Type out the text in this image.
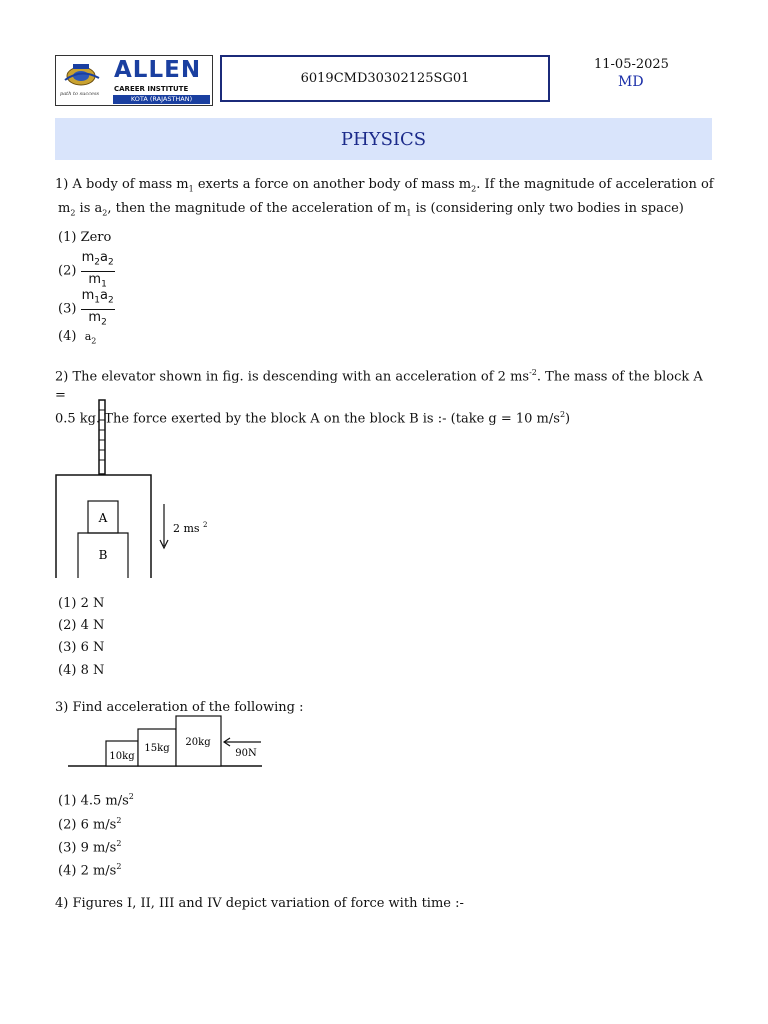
path to success
ALLEN
CAREER INSTITUTE
KOTA (RAJASTHAN)
6019CMD30302125SG01
11-05-2025
MD
PHYSICS
1) A body of mass $m_1$ exerts a force on another body of mass $m_2$. If the magnitude of acceleration of
$m_2$ is $a_2$, then the magnitude of the acceleration of $m_1$ is (considering only two bodies in space)
(1) Zero
$(2) \frac{m_2a_2}{m_1}$
$(3) \frac{m_1a_2}{m_2}$
(4) $a_2$
2) The elevator shown in fig. is descending with an acceleration of 2 $ms^{-2}$. The mass of the block A =
0.5 kg. The force exerted by the block A on the block B is :- (take g = 10 $m/s^2$)
A
B
2 ms 2
(1) 2 N
(2) 4 N
(3) 6 N
(4) 8 N
3) Find acceleration of the following :
10kg
15kg
20kg
90N
(1) 4.5 $m/s^2$
(2) 6 $m/s^2$
(3) 9 $m/s^2$
(4) 2 $m/s^2$
4) Figures I, II, III and IV depict variation of force with time :-
